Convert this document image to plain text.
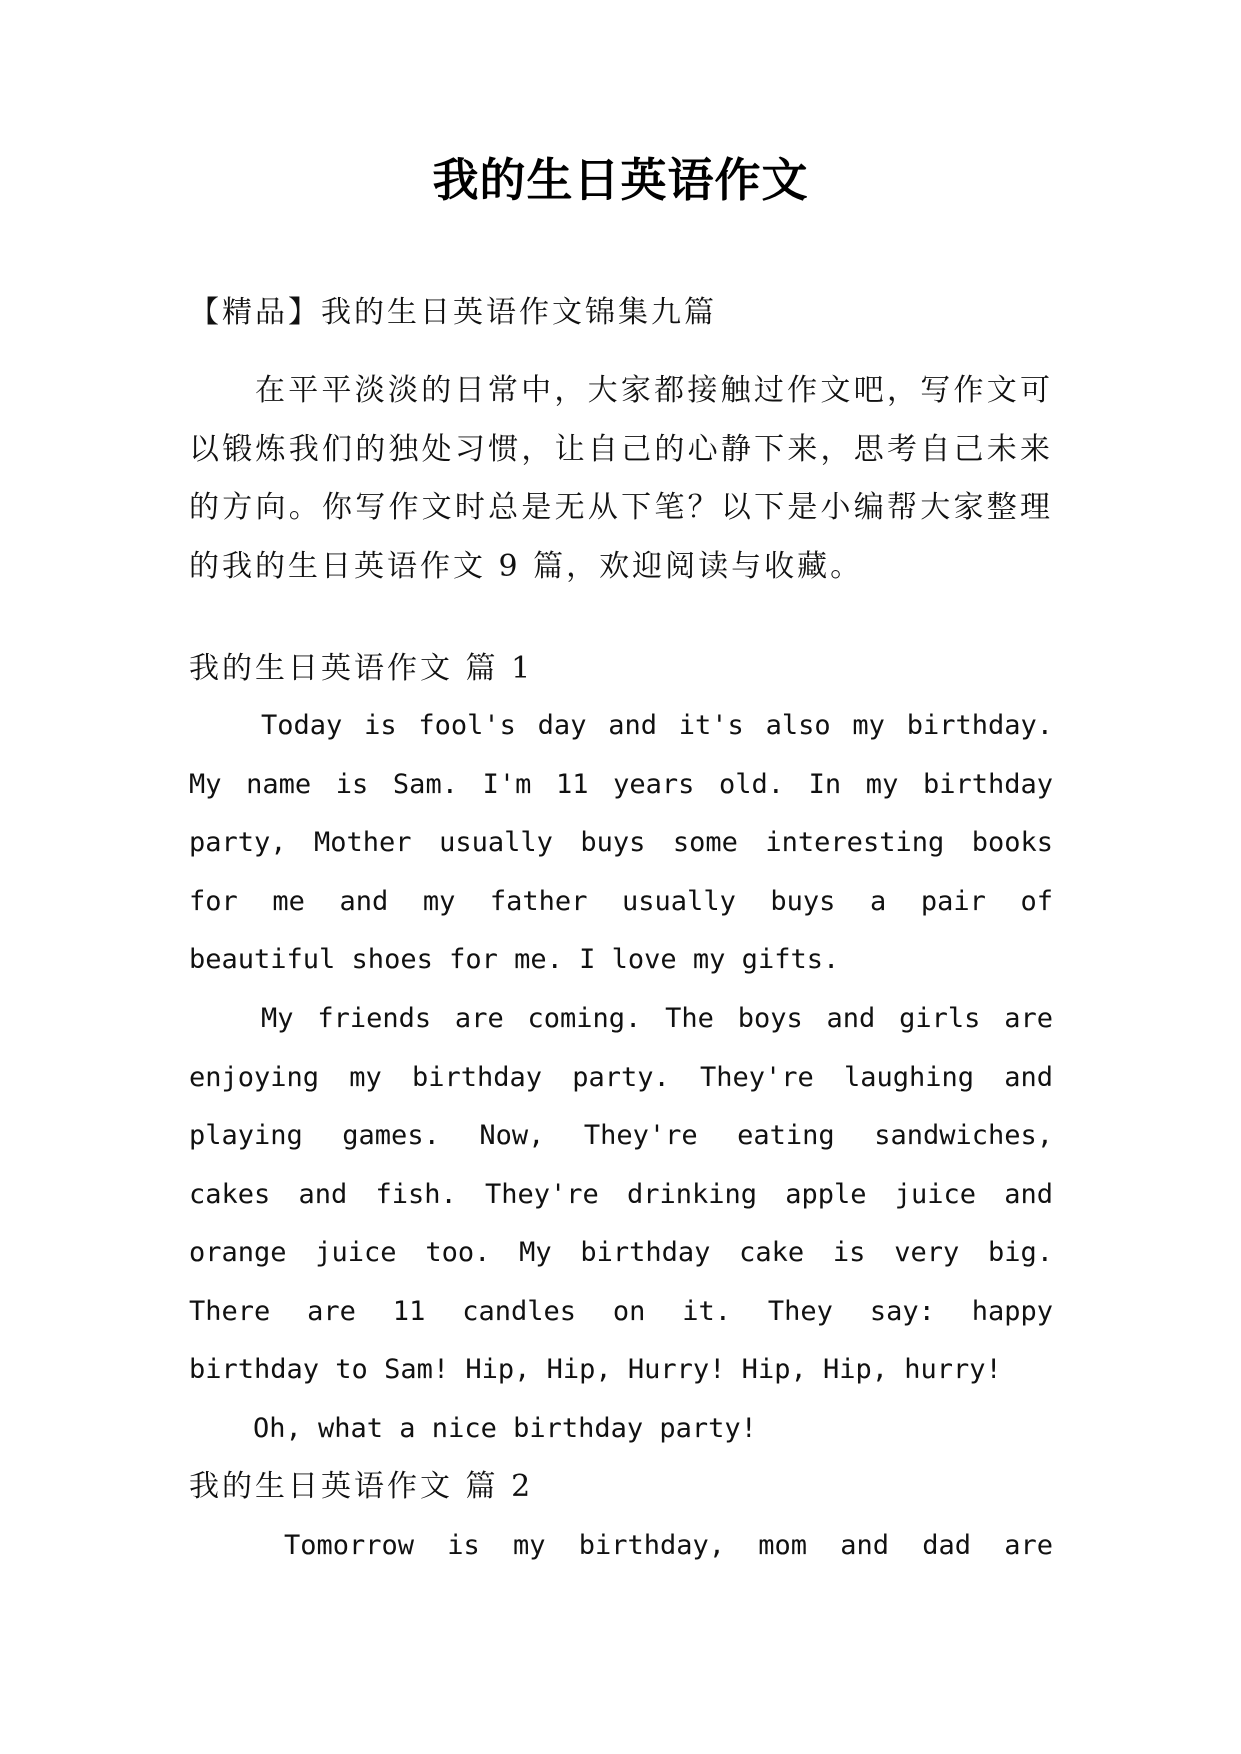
我的生日英语作文
【精品】我的生日英语作文锦集九篇
在平平淡淡的日常中，大家都接触过作文吧，写作文可
以锻炼我们的独处习惯，让自己的心静下来，思考自己未来
的方向。你写作文时总是无从下笔？以下是小编帮大家整理
的我的生日英语作文 9 篇，欢迎阅读与收藏。
我的生日英语作文 篇 1
Today is fool's day and it's also my birthday.
My name is Sam. I'm 11 years old. In my birthday
party, Mother usually buys some interesting books
for me and my father usually buys a pair of
beautiful shoes for me. I love my gifts.
My friends are coming. The boys and girls are
enjoying my birthday party. They're laughing and
playing games. Now, They're eating sandwiches,
cakes and fish. They're drinking apple juice and
orange juice too. My birthday cake is very big.
There are 11 candles on it. They say: happy
birthday to Sam! Hip, Hip, Hurry! Hip, Hip, hurry!
Oh, what a nice birthday party!
我的生日英语作文 篇 2
Tomorrow is my birthday, mom and dad are
